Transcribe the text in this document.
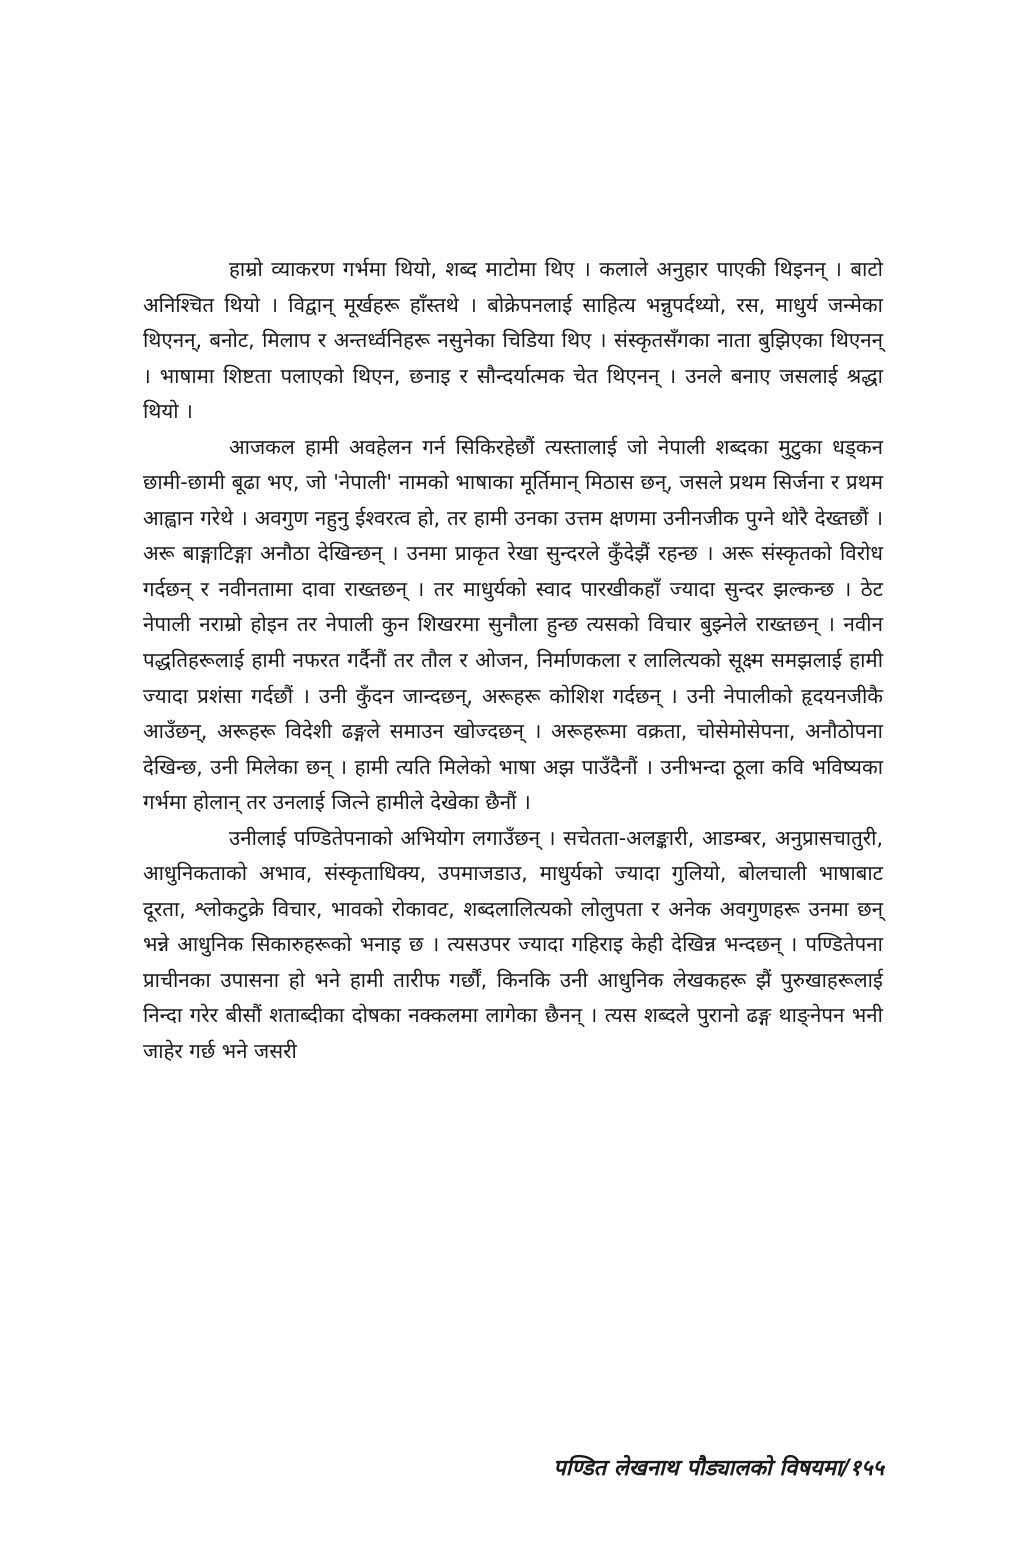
हाम्रो व्याकरण गर्भमा थियो, शब्द माटोमा थिए । कलाले अनुहार पाएकी थिइनन् । बाटो अनिश्चित थियो । विद्वान् मूर्खहरू हाँस्तथे । बोक्रेपनलाई साहित्य भन्नुपर्दथ्यो, रस, माधुर्य जन्मेका थिएनन्, बनोट, मिलाप र अन्तर्ध्वनिहरू नसुनेका चिडिया थिए । संस्कृतसँगका नाता बुझिएका थिएनन् । भाषामा शिष्टता पलाएको थिएन, छनाइ र सौन्दर्यात्मक चेत थिएनन् । उनले बनाए जसलाई श्रद्धा थियो ।

आजकल हामी अवहेलन गर्न सिकिरहेछौं त्यस्तालाई जो नेपाली शब्दका मुटुका धड्कन छामी-छामी बूढा भए, जो 'नेपाली' नामको भाषाका मूर्तिमान् मिठास छन्, जसले प्रथम सिर्जना र प्रथम आह्वान गरेथे । अवगुण नहुनु ईश्वरत्व हो, तर हामी उनका उत्तम क्षणमा उनीनजीक पुग्ने थोरै देख्तछौं । अरू बाङ्गाटिङ्गा अनौठा देखिन्छन् । उनमा प्राकृत रेखा सुन्दरले कुँदेझैं रहन्छ । अरू संस्कृतको विरोध गर्दछन् र नवीनतामा दावा राख्तछन् । तर माधुर्यको स्वाद पारखीकहाँ ज्यादा सुन्दर झल्कन्छ । ठेट नेपाली नराम्रो होइन तर नेपाली कुन शिखरमा सुनौला हुन्छ त्यसको विचार बुझ्नेले राख्तछन् । नवीन पद्धतिहरूलाई हामी नफरत गर्दैनौं तर तौल र ओजन, निर्माणकला र लालित्यको सूक्ष्म समझलाई हामी ज्यादा प्रशंसा गर्दछौं । उनी कुँदन जान्दछन्, अरूहरू कोशिश गर्दछन् । उनी नेपालीको हृदयनजीकै आउँछन्, अरूहरू विदेशी ढङ्गले समाउन खोज्दछन् । अरूहरूमा वक्रता, चोसेमोसेपना, अनौठोपना देखिन्छ, उनी मिलेका छन् । हामी त्यति मिलेको भाषा अझ पाउँदैनौं । उनीभन्दा ठूला कवि भविष्यका गर्भमा होलान् तर उनलाई जित्ने हामीले देखेका छैनौं ।

उनीलाई पण्डितेपनाको अभियोग लगाउँछन् । सचेतता-अलङ्कारी, आडम्बर, अनुप्रासचातुरी, आधुनिकताको अभाव, संस्कृताधिक्य, उपमाजडाउ, माधुर्यको ज्यादा गुलियो, बोलचाली भाषाबाट दूरता, श्लोकटुक्रे विचार, भावको रोकावट, शब्दलालित्यको लोलुपता र अनेक अवगुणहरू उनमा छन् भन्ने आधुनिक सिकारुहरूको भनाइ छ । त्यसउपर ज्यादा गहिराइ केही देखिन्न भन्दछन् । पण्डितेपना प्राचीनका उपासना हो भने हामी तारीफ गर्छौं, किनकि उनी आधुनिक लेखकहरू झैं पुरुखाहरूलाई निन्दा गरेर बीसौं शताब्दीका दोषका नक्कलमा लागेका छैनन् । त्यस शब्दले पुरानो ढङ्ग थाङ्नेपन भनी जाहेर गर्छ भने जसरी

पण्डित लेखनाथ पौड्यालको विषयमा/१५५
